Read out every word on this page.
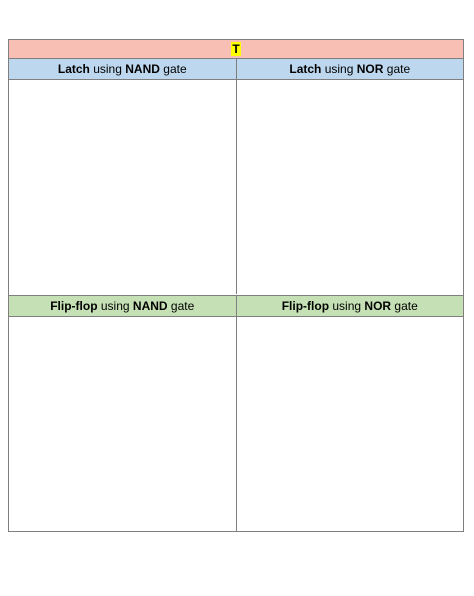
T
Latch
using
NAND
gate	Latch
using
NOR
gate
Flip-flop
using
NAND
gate	Flip-flop
using
NOR
gate
